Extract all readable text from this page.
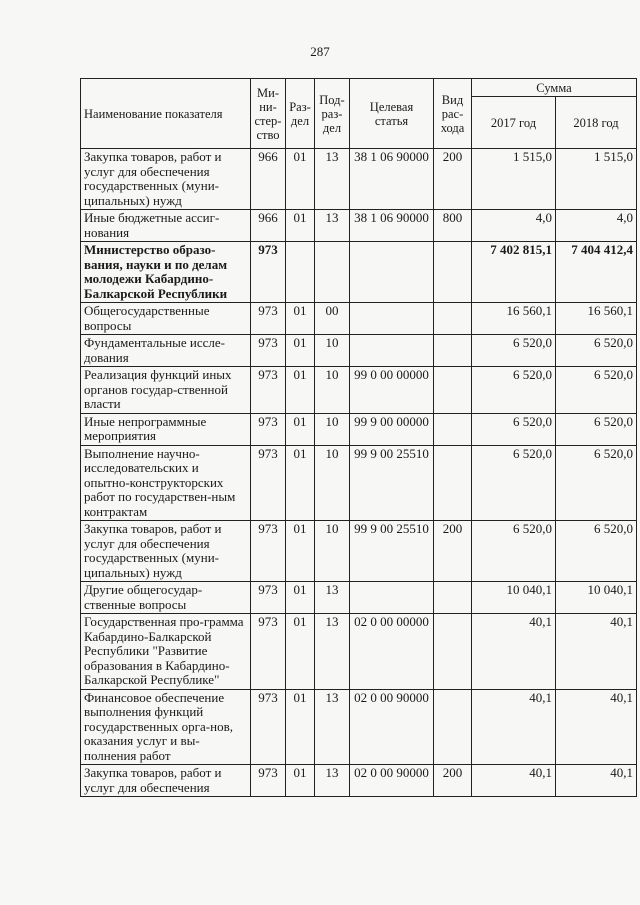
287
Наименование показателя	Ми-
ни-
стер-
ство	Раз-
дел	Под-
раз-
дел	Целевая
статья	Вид
рас-
хода	Сумма	
						2017 год	2018 год
Закупка товаров, работ и услуг для обеспечения государственных (муни-ципальных) нужд	966	01	13	38 1 06 90000	200	1 515,0	1 515,0
Иные бюджетные ассиг-нования	966	01	13	38 1 06 90000	800	4,0	4,0
Министерство образо-вания, науки и по делам молодежи Кабардино-Балкарской Республики	973					7 402 815,1	7 404 412,4
Общегосударственные вопросы	973	01	00			16 560,1	16 560,1
Фундаментальные иссле-дования	973	01	10			6 520,0	6 520,0
Реализация функций иных органов государ-ственной власти	973	01	10	99 0 00 00000		6 520,0	6 520,0
Иные непрограммные мероприятия	973	01	10	99 9 00 00000		6 520,0	6 520,0
Выполнение научно-исследовательских и опытно-конструкторских работ по государствен-ным контрактам	973	01	10	99 9 00 25510		6 520,0	6 520,0
Закупка товаров, работ и услуг для обеспечения государственных (муни-ципальных) нужд	973	01	10	99 9 00 25510	200	6 520,0	6 520,0
Другие общегосудар-ственные вопросы	973	01	13			10 040,1	10 040,1
Государственная про-грамма Кабардино-Балкарской Республики "Развитие образования в Кабардино-Балкарской Республике"	973	01	13	02 0 00 00000		40,1	40,1
Финансовое обеспечение выполнения функций государственных орга-нов, оказания услуг и вы-полнения работ	973	01	13	02 0 00 90000		40,1	40,1
Закупка товаров, работ и услуг для обеспечения	973	01	13	02 0 00 90000	200	40,1	40,1
